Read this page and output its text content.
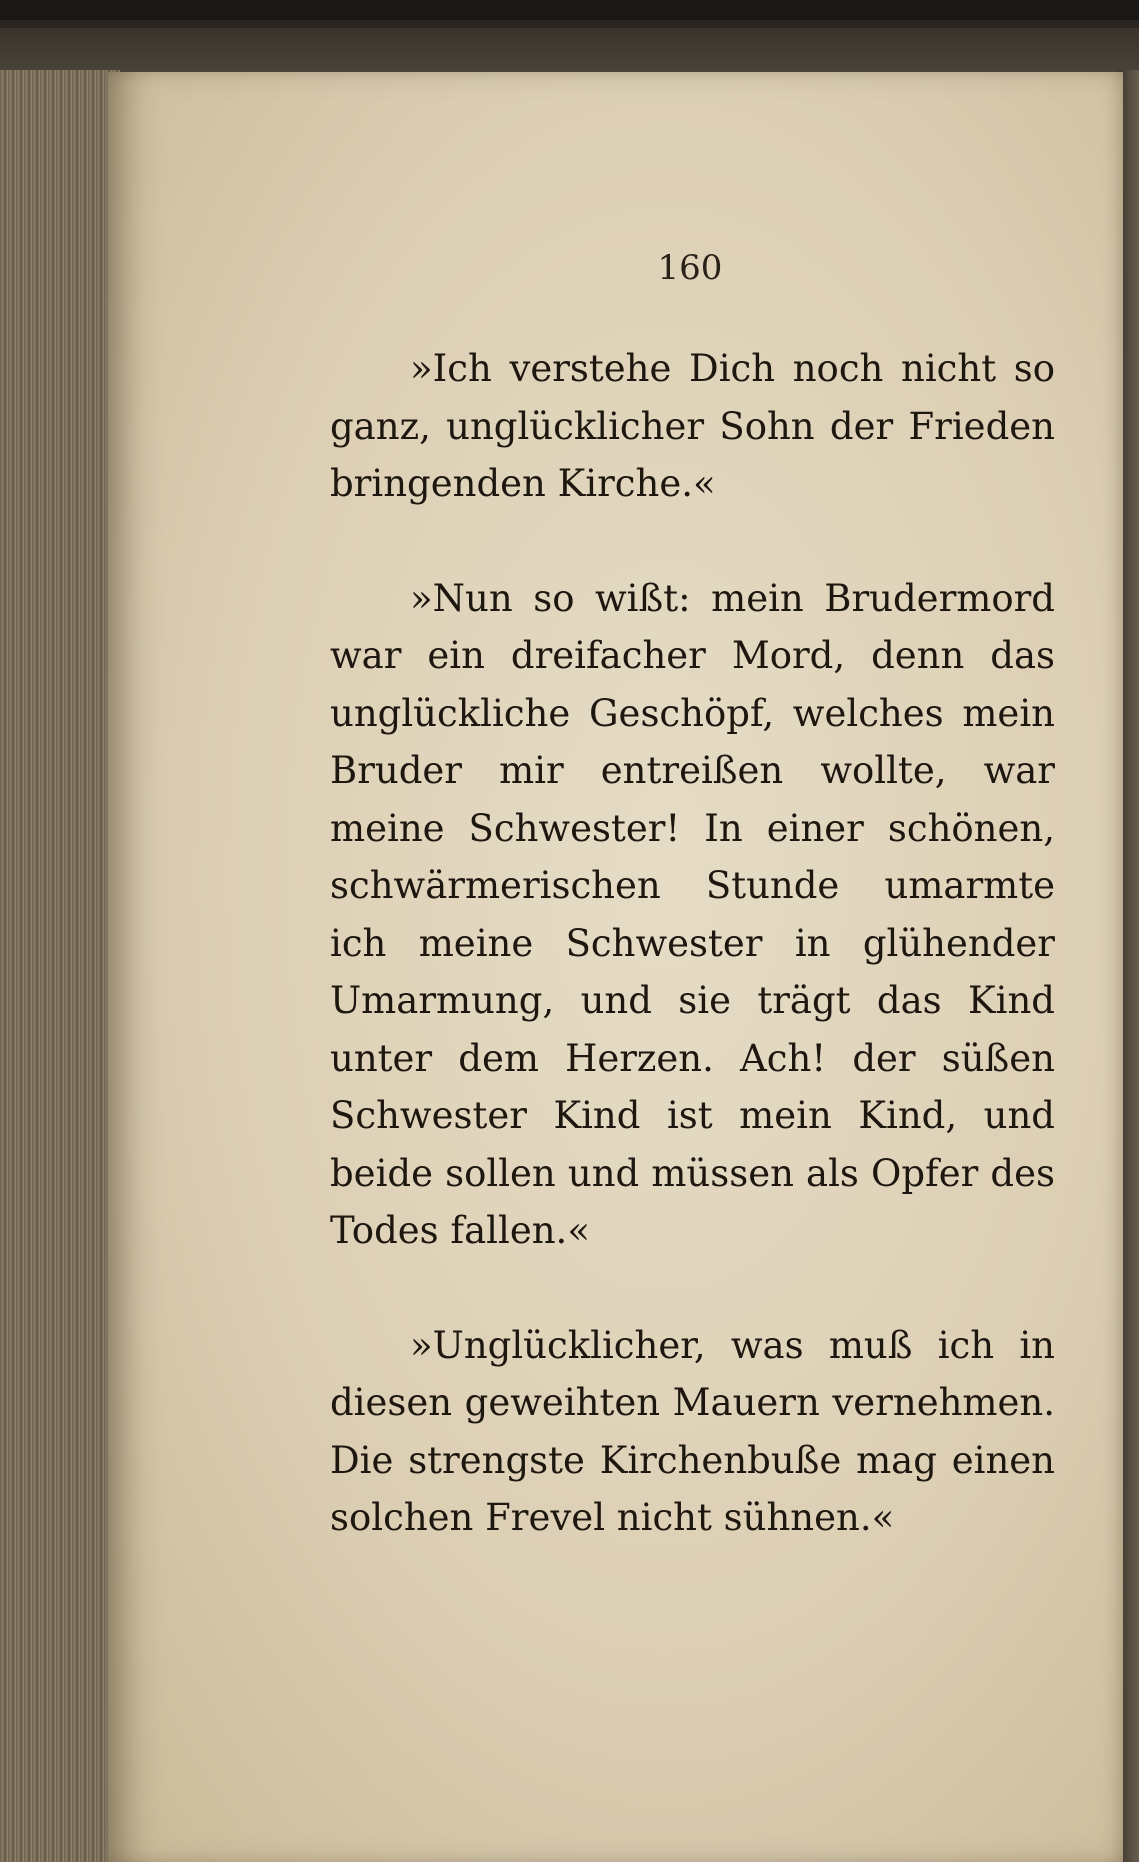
160

»Ich verstehe Dich noch nicht so ganz, unglücklicher Sohn der Frieden bringenden Kirche.«

»Nun so wißt: mein Brudermord war ein dreifacher Mord, denn das unglückliche Geschöpf, welches mein Bruder mir entreißen wollte, war meine Schwester! In einer schönen, schwärmerischen Stunde umarmte ich meine Schwester in glühender Umarmung, und sie trägt das Kind unter dem Herzen. Ach! der süßen Schwester Kind ist mein Kind, und beide sollen und müssen als Opfer des Todes fallen.«

»Unglücklicher, was muß ich in diesen geweihten Mauern vernehmen. Die strengste Kirchenbuße mag einen solchen Frevel nicht sühnen.«
